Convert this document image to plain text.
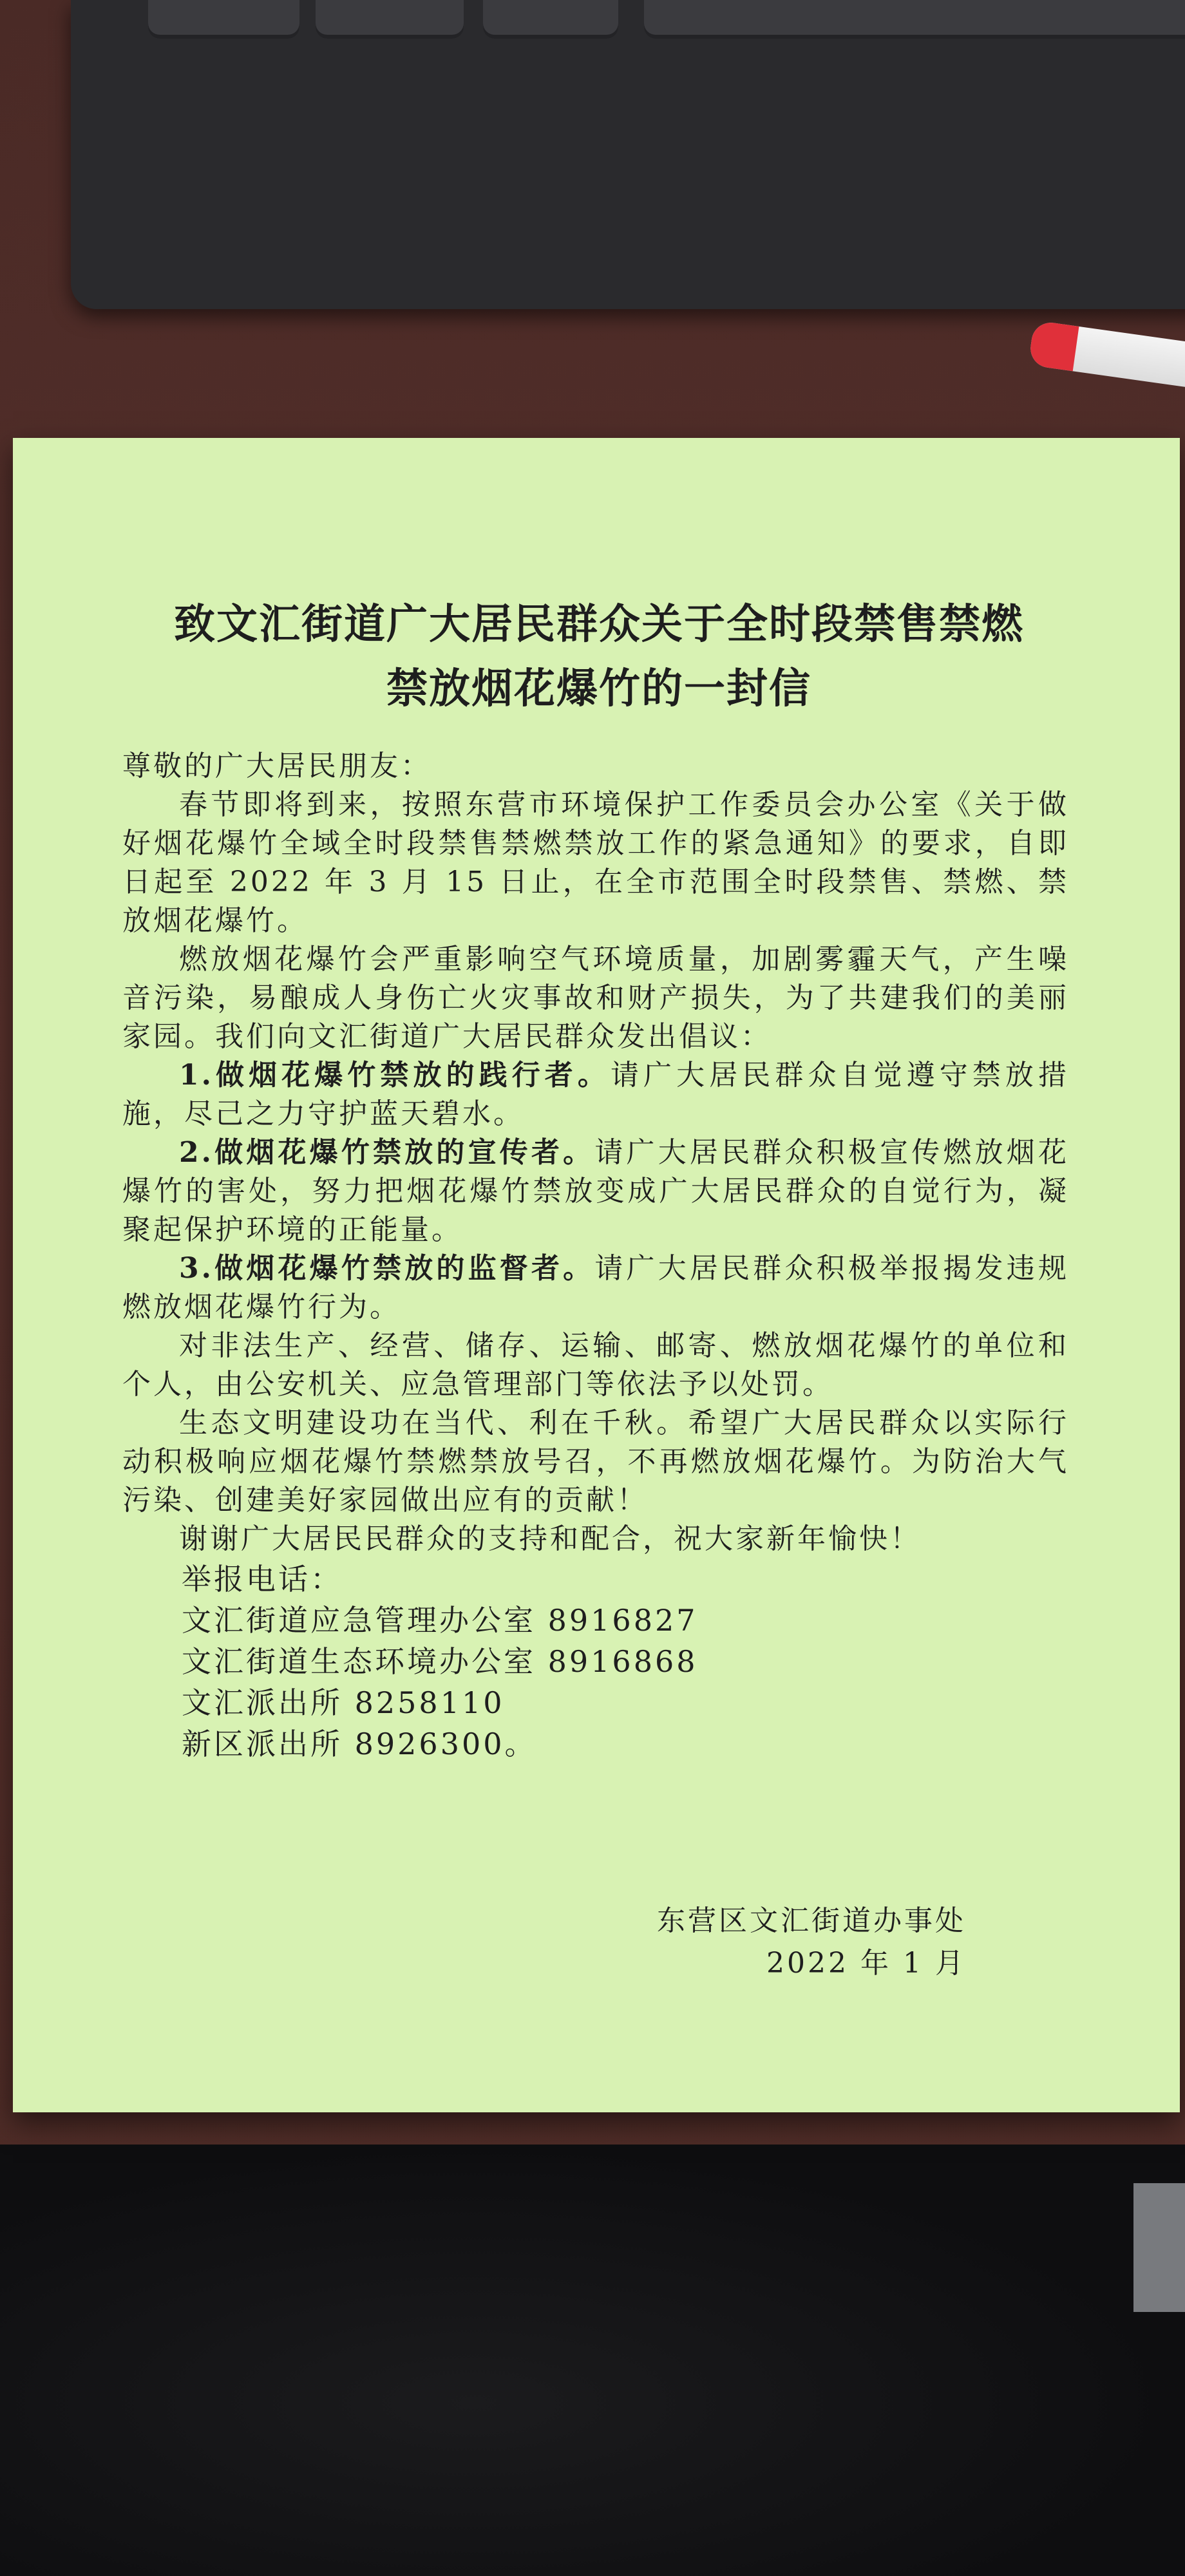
致文汇街道广大居民群众关于全时段禁售禁燃
禁放烟花爆竹的一封信

尊敬的广大居民朋友：

春节即将到来，按照东营市环境保护工作委员会办公室《关于做好烟花爆竹全域全时段禁售禁燃禁放工作的紧急通知》的要求，自即日起至 2022 年 3 月 15 日止，在全市范围全时段禁售、禁燃、禁放烟花爆竹。

燃放烟花爆竹会严重影响空气环境质量，加剧雾霾天气，产生噪音污染，易酿成人身伤亡火灾事故和财产损失，为了共建我们的美丽家园。我们向文汇街道广大居民群众发出倡议：

1.做烟花爆竹禁放的践行者。请广大居民群众自觉遵守禁放措施，尽己之力守护蓝天碧水。

2.做烟花爆竹禁放的宣传者。请广大居民群众积极宣传燃放烟花爆竹的害处，努力把烟花爆竹禁放变成广大居民群众的自觉行为，凝聚起保护环境的正能量。

3.做烟花爆竹禁放的监督者。请广大居民群众积极举报揭发违规燃放烟花爆竹行为。

对非法生产、经营、储存、运输、邮寄、燃放烟花爆竹的单位和个人，由公安机关、应急管理部门等依法予以处罚。

生态文明建设功在当代、利在千秋。希望广大居民群众以实际行动积极响应烟花爆竹禁燃禁放号召，不再燃放烟花爆竹。为防治大气污染、创建美好家园做出应有的贡献！

谢谢广大居民民群众的支持和配合，祝大家新年愉快！

举报电话：
文汇街道应急管理办公室 8916827
文汇街道生态环境办公室 8916868
文汇派出所 8258110
新区派出所 8926300。
东营区文汇街道办事处
2022 年 1 月
